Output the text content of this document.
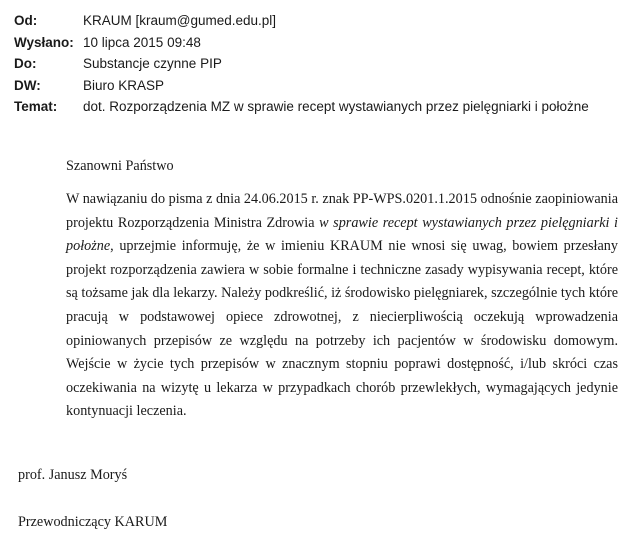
Od:	KRAUM [kraum@gumed.edu.pl]
Wysłano: 10 lipca 2015 09:48
Do:	Substancje czynne PIP
DW:	Biuro KRASP
Temat: dot. Rozporządzenia MZ w sprawie recept wystawianych przez pielęgniarki i położne
Szanowni Państwo

W nawiązaniu do pisma z dnia 24.06.2015 r. znak PP-WPS.0201.1.2015 odnośnie zaopiniowania projektu Rozporządzenia Ministra Zdrowia w sprawie recept wystawianych przez pielęgniarki i położne, uprzejmie informuję, że w imieniu KRAUM nie wnosi się uwag, bowiem przesłany projekt rozporządzenia zawiera w sobie formalne i techniczne zasady wypisywania recept, które są tożsame jak dla lekarzy. Należy podkreślić, iż środowisko pielęgniarek, szczególnie tych które pracują w podstawowej opiece zdrowotnej, z niecierpliwością oczekują wprowadzenia opiniowanych przepisów ze względu na potrzeby ich pacjentów w środowisku domowym. Wejście w życie tych przepisów w znacznym stopniu poprawi dostępność, i/lub skróci czas oczekiwania na wizytę u lekarza w przypadkach chorób przewlekłych, wymagających jedynie kontynuacji leczenia.

prof. Janusz Moryś
Przewodniczący KARUM
